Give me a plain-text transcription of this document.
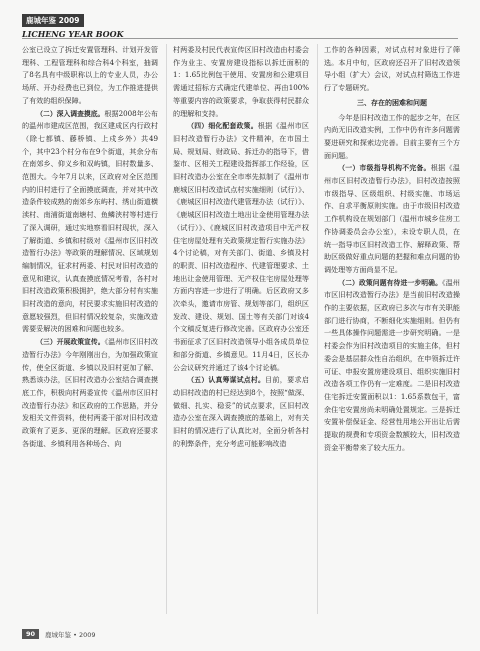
鹿城年鉴 2009
LICHENG YEAR BOOK

公室已设立了拆迁安置管理科、计划开发管理科、工程管理科和综合科4个科室，抽调了8名具有中级职称以上的专业人员，办公场所、开办经费也已到位，为工作推进提供了有效的组织保障。

（二）深入调查摸底。根据2008年公布的温州市建成区范围，我区建成区内行政村（除七都镇、藤桥镇、上戍乡外）共49个，其中23个村分布在9个街道，其余分布在南郊乡、仰义乡和双屿镇，旧村数量多、范围大。今年7月以来，区政府对全区范围内的旧村进行了全面摸底调查，并对其中改造条件较成熟的南郊乡东屿村、绣山街道横渎村、南浦街道南塘村、鱼鳞浃村等村进行了深入调研，通过实地察看旧村现状，深入了解街道、乡镇和村级对《温州市区旧村改造暂行办法》等政策的理解情况、区域规划编制情况，征求村两委、村民对旧村改造的意见和建议，认真查摸底情况考看，各村对旧村改造政策积极拥护，绝大部分村有实施旧村改造的意向，村民要求实施旧村改造的意愿较强烈，但旧村情况较复杂，实施改造需要妥解决的困难和问题也较多。

（三）开展政策宣传。《温州市区旧村改造暂行办法》今年刚刚出台，为加强政策宣传，使全区街道、乡镇以及旧村更加了解、熟悉该办法，区旧村改造办公室结合调查摸底工作，积极向村两委宣传《温州市区旧村改造暂行办法》和区政府的工作思路，并分发相关文件资料，使村两委干部对旧村改造政策有了更多、更深的理解。区政府还要求各街道、乡镇利用各种场合、向

村两委及村民代表宣传区旧村改造由村委会作为业主、安置房建设指标以拆迁面积的1：1.65比例包干使用、安置房和公建项目需通过招标方式确定代建单位、再由100%等重要内容的政策要求，争取获得村民群众的理解和支持。

（四）细化配套政策。根据《温州市区旧村改造暂行办法》文件精神，在市国土局、规划局、财政局、拆迁办的指导下，借鉴市、区相关工程建设指挥部工作经验，区旧村改造办公室在全市率先拟制了《温州市鹿城区旧村改造试点村实施细则（试行）》、《鹿城区旧村改造代建管理办法（试行）》、《鹿城区旧村改造土地出让金使用管理办法（试行）》、《鹿城区旧村改造项目中无产权住宅房屋处理有关政策规定暂行实施办法》4个讨论稿，对有关部门、街道、乡镇及村的职责、旧村改造程序、代建管理要求、土地出让金使用管理、无产权住宅房屋处理等方面内容进一步进行了明确。后区政府又多次牵头，邀请市房管、规划等部门，组织区发改、建设、规划、国土等有关部门对该4个文稿反复进行修改完善。区政府办公室还书面征求了区旧村改造领导小组各成员单位和部分街道、乡镇意见。11月4日，区长办公会议研究并通过了该4个讨论稿。

（五）认真筹谋试点村。目前，要求启动旧村改造的村已经达到8个，按照“做深、做细、扎实、稳妥”的试点要求，区旧村改造办公室在深入调查摸底的基础上，对有关旧村的情况进行了认真比对，全面分析各村的利弊条件，充分考虑可能影响改造

工作的各种因素，对试点村对象进行了筛选。本月中旬，区政府还召开了旧村改造领导小组（扩大）会议，对试点村筛选工作进行了专题研究。

三、存在的困难和问题

今年是旧村改造工作的起步之年，在区内尚无旧改造实例，工作中仍有许多问题需要进研究和探索边完善。目前主要有三个方面问题。

（一）市级指导机构不完备。根据《温州市区旧村改造暂行办法》，旧村改造按照市级指导、区级组织、村级实施、市场运作、自求平衡原则实施。由于市级旧村改造工作机构设在规划部门（温州市城乡住房工作协调委员会办公室），未设专职人员，在统一指导市区旧村改造工作、解释政策、帮助区级做好重点问题的把握和难点问题的协调处理等方面尚显不足。

（二）政策问题有待进一步明确。《温州市区旧村改造暂行办法》是当前旧村改造操作的主要依据，区政府已多次与市有关职能部门进行协商，不断细化实施细则。但仍有一些具体操作问题需进一步研究明确。一是村委会作为旧村改造项目的实施主体，但村委会是基层群众性自治组织，在申领拆迁许可证、申报安置房建设项目、组织实施旧村改造各项工作仍有一定难度。二是旧村改造住宅拆迁安置面积以1：1.65系数包干，富余住宅安置房尚未明确处置规定。三是拆迁安置补偿保证金、经营性用地公开出让后需提取的规费和专项资金数额较大，旧村改造资金平衡带来了较大压力。

90	鹿城年鉴 • 2009
